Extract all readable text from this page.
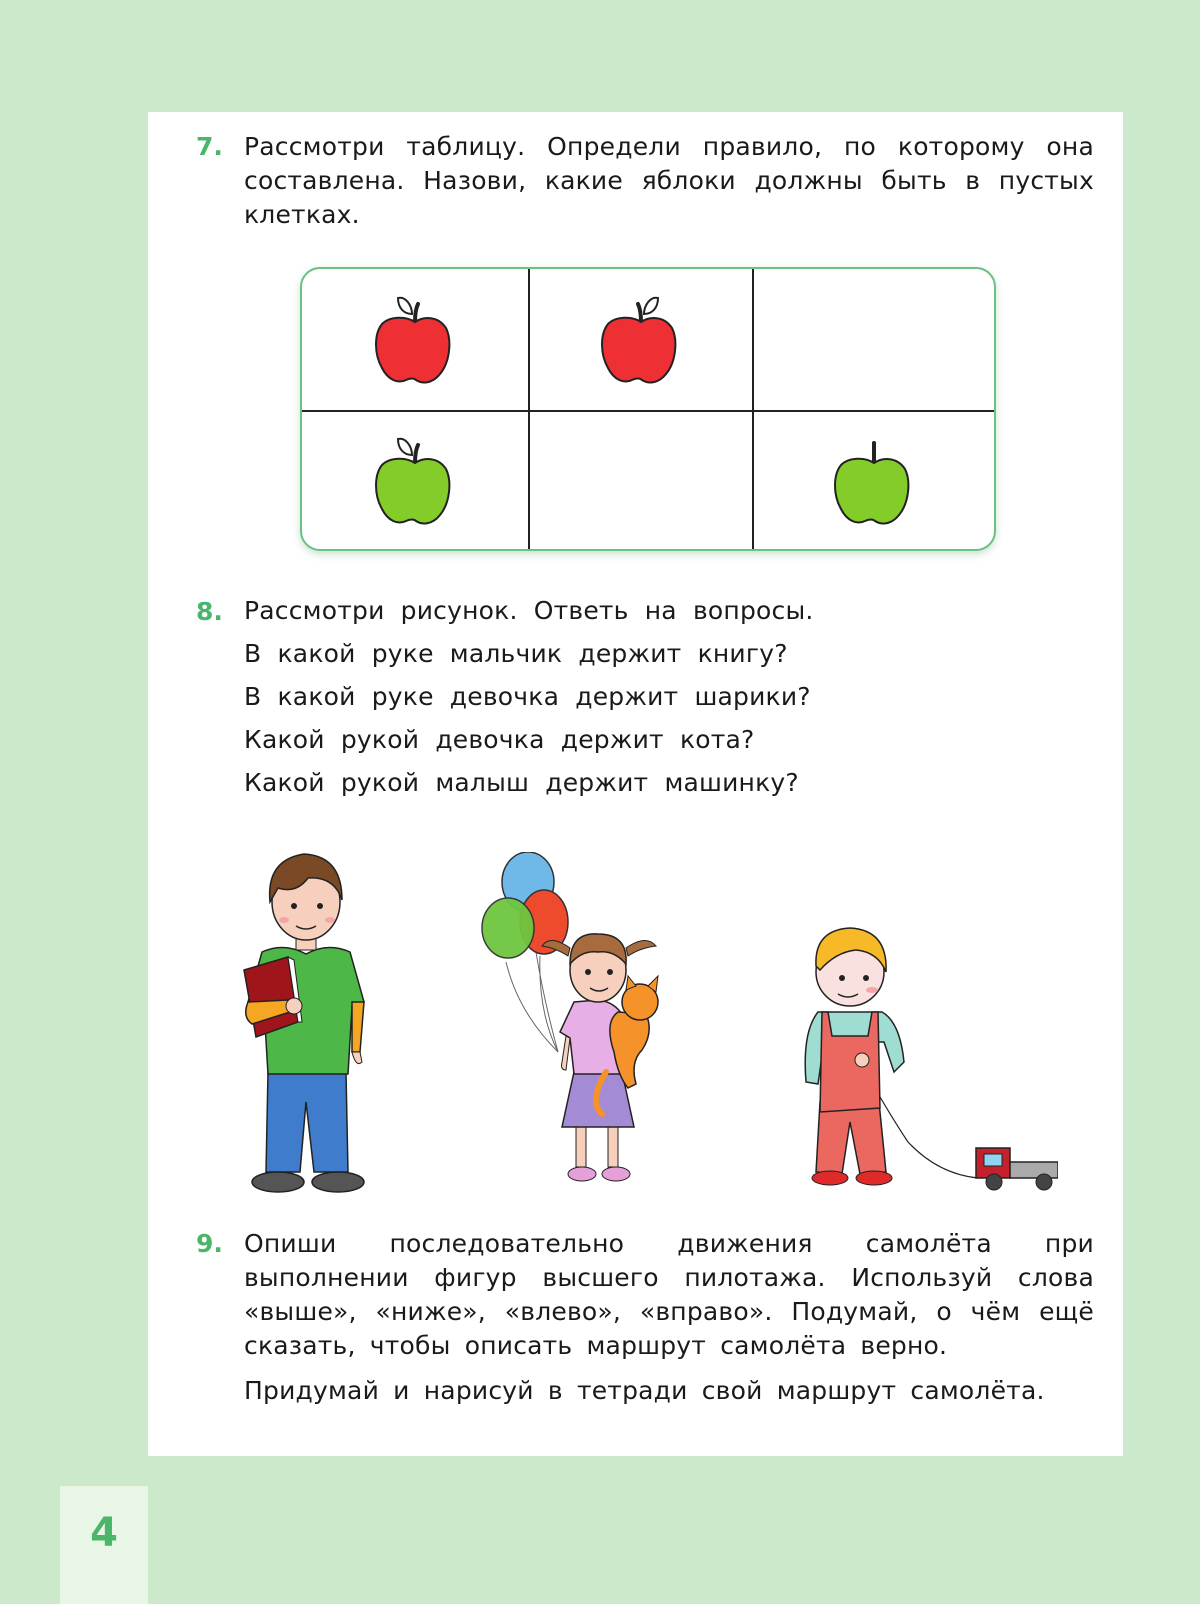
7. Рассмотри таблицу. Определи правило, по которому она составлена. Назови, какие яблоки должны быть в пустых клетках.
8. Рассмотри рисунок. Ответь на вопросы.
В какой руке мальчик держит книгу?
В какой руке девочка держит шарики?
Какой рукой девочка держит кота?
Какой рукой малыш держит машинку?
9. Опиши последовательно движения самолёта при выполнении фигур высшего пилотажа. Используй слова «выше», «ниже», «влево», «вправо». Подумай, о чём ещё сказать, чтобы описать маршрут самолёта верно.
Придумай и нарисуй в тетради свой маршрут самолёта.
4
